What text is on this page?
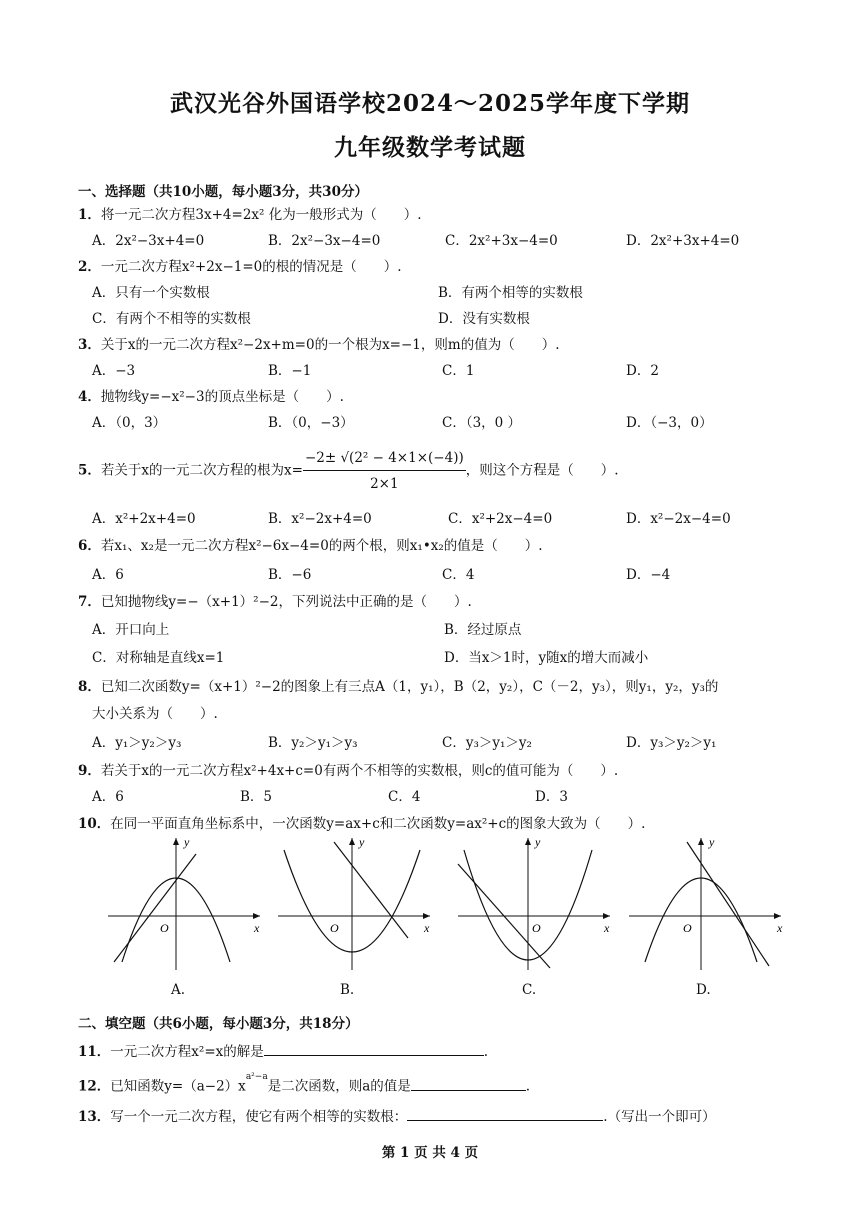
武汉光谷外国语学校2024～2025学年度下学期
九年级数学考试题
一、选择题（共10小题，每小题3分，共30分）
1．将一元二次方程3x+4=2x² 化为一般形式为（　　）.
A．2x²−3x+4=0	B．2x²−3x−4=0	C．2x²+3x−4=0	D．2x²+3x+4=0
2．一元二次方程x²+2x−1=0的根的情况是（　　）.
A．只有一个实数根	B．有两个相等的实数根
C．有两个不相等的实数根	D．没有实数根
3．关于x的一元二次方程x²−2x+m=0的一个根为x=−1，则m的值为（　　）.
A．−3	B．−1	C．1	D．2
4．抛物线y=−x²−3的顶点坐标是（　　）.
A．（0，3）	B．（0，−3）	C．（3，0 ）	D．（−3，0）
5．若关于x的一元二次方程的根为$x= \frac{\text{−2± √(2² − 4×1×(−4))}}{2\times 1}$ ，则这个方程是（　　）.
A．x²+2x+4=0	B．x²−2x+4=0	C．x²+2x−4=0	D．x²−2x−4=0
6．若x₁、x₂是一元二次方程x²−6x−4=0的两个根，则x₁•x₂的值是（　　）.
A．6	B．−6	C．4	D．−4
7．已知抛物线y=−（x+1）²−2，下列说法中正确的是（　　）.
A．开口向上	B．经过原点
C．对称轴是直线x=1	D．当x＞1时，y随x的增大而减小
8．已知二次函数y=（x+1）²−2的图象上有三点A（1，y₁），B（2，y₂），C（－2，y₃），则y₁，y₂，y₃的
大小关系为（　　）.
A．y₁＞y₂＞y₃	B．y₂＞y₁＞y₃	C．y₃＞y₁＞y₂	D．y₃＞y₂＞y₁
9．若关于x的一元二次方程x²+4x+c=0有两个不相等的实数根，则c的值可能为（　　）.
A．6	B．5	C．4	D．3
10．在同一平面直角坐标系中，一次函数y=ax+c和二次函数y=ax²+c的图象大致为（　　）.
y
x
O
A.
y
x
O
B.
y
x
O
C.
y
x
O
D.
二、填空题（共6小题，每小题3分，共18分）
11．一元二次方程x²=x的解是	.
12．已知函数$y=(a-2)x^{a^2-a}$是二次函数，则a的值是	.
13．写一个一元二次方程，使它有两个相等的实数根：	.（写出一个即可）
第 1 页 共 4 页
